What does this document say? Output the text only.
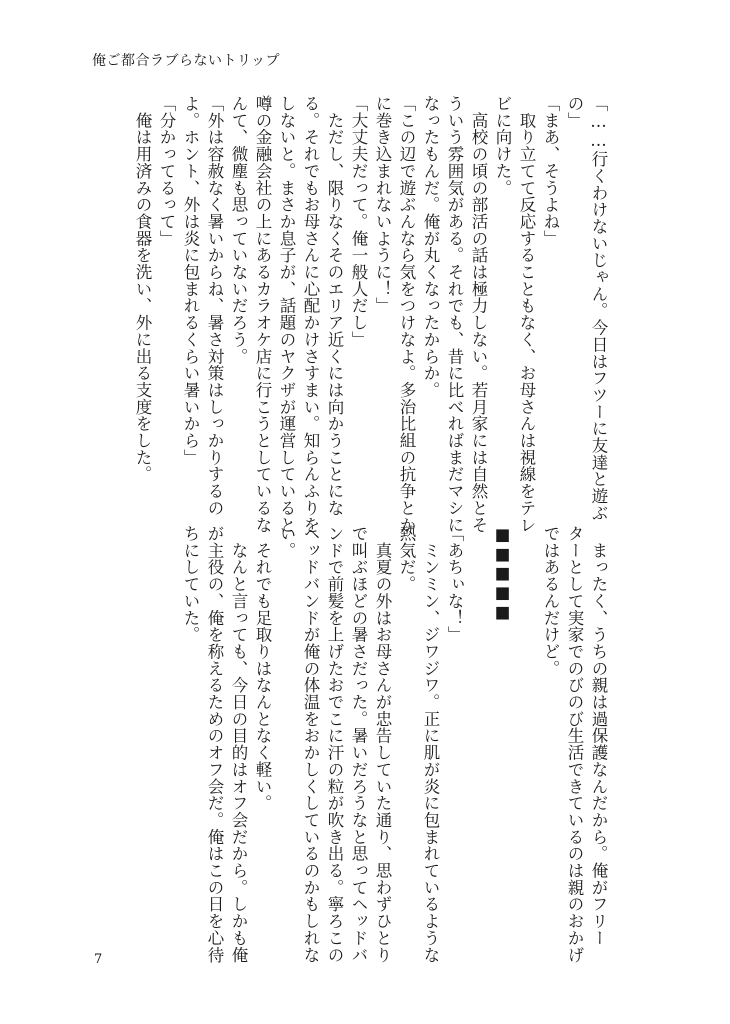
俺ご都合ラブらないトリップ
「……行くわけないじゃん。今日はフツーに友達と遊ぶ
の」
「まあ、そうよね」
　取り立てて反応することもなく、お母さんは視線をテレ
ビに向けた。
　高校の頃の部活の話は極力しない。若月家には自然とそ
ういう雰囲気がある。それでも、昔に比べればまだマシに
なったもんだ。俺が丸くなったからか。
「この辺で遊ぶんなら気をつけなよ。多治比組の抗争とか
に巻き込まれないように！」
「大丈夫だって。俺一般人だし」
　ただし、限りなくそのエリア近くには向かうことにな
る。それでもお母さんに心配かけさすまい。知らんふりを
しないと。まさか息子が、話題のヤクザが運営していると
噂の金融会社の上にあるカラオケ店に行こうとしているな
んて、微塵も思っていないだろう。
「外は容赦なく暑いからね、暑さ対策はしっかりするの
よ。ホント、外は炎に包まれるくらい暑いから」
「分かってるって」
　俺は用済みの食器を洗い、外に出る支度をした。
　まったく、うちの親は過保護なんだから。俺がフリー
ターとして実家でのびのび生活できているのは親のおかげ
ではあるんだけど。

■■■■■

「あちぃな！」
　ミンミン、ジワジワ。正に肌が炎に包まれているような
熱気だ。
　真夏の外はお母さんが忠告していた通り、思わずひとり
で叫ぶほどの暑さだった。暑いだろうなと思ってヘッドバ
ンドで前髪を上げたおでこに汗の粒が吹き出る。寧ろこの
ヘッドバンドが俺の体温をおかしくしているのかもしれな
い。
　それでも足取りはなんとなく軽い。
　なんと言っても、今日の目的はオフ会だから。しかも俺
が主役の、俺を称えるためのオフ会だ。俺はこの日を心待
ちにしていた。
7
